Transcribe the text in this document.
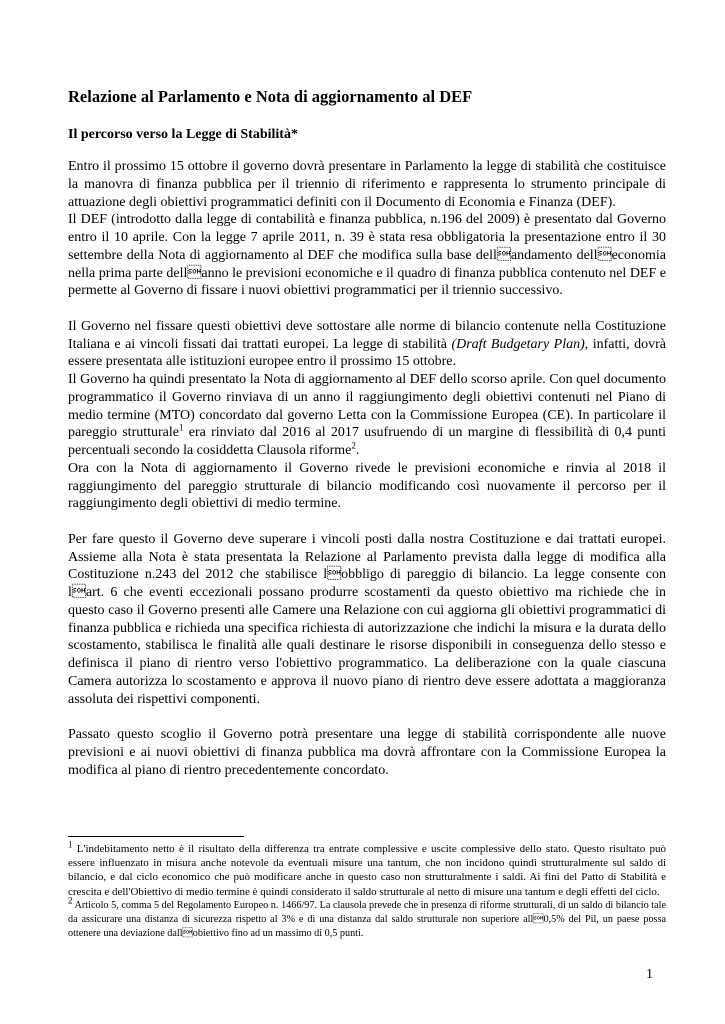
Relazione al Parlamento e Nota di aggiornamento al DEF
Il percorso verso la Legge di Stabilità*

Entro il prossimo 15 ottobre il governo dovrà presentare in Parlamento la legge di stabilità che costituisce la manovra di finanza pubblica per il triennio di riferimento e rappresenta lo strumento principale di attuazione degli obiettivi programmatici definiti con il Documento di Economia e Finanza (DEF).

Il DEF (introdotto dalla legge di contabilità e finanza pubblica, n.196 del 2009) è presentato dal Governo entro il 10 aprile. Con la legge 7 aprile 2011, n. 39 è stata resa obbligatoria la presentazione entro il 30 settembre della Nota di aggiornamento al DEF che modifica sulla base dellandamento delleconomia nella prima parte dellanno le previsioni economiche e il quadro di finanza pubblica contenuto nel DEF e permette al Governo di fissare i nuovi obiettivi programmatici per il triennio successivo.

Il Governo nel fissare questi obiettivi deve sottostare alle norme di bilancio contenute nella Costituzione Italiana e ai vincoli fissati dai trattati europei. La legge di stabilità (Draft Budgetary Plan), infatti, dovrà essere presentata alle istituzioni europee entro il prossimo 15 ottobre.

Il Governo ha quindi presentato la Nota di aggiornamento al DEF dello scorso aprile. Con quel documento programmatico il Governo rinviava di un anno il raggiungimento degli obiettivi contenuti nel Piano di medio termine (MTO) concordato dal governo Letta con la Commissione Europea (CE). In particolare il pareggio strutturale$^1$ era rinviato dal 2016 al 2017 usufruendo di un margine di flessibilità di 0,4 punti percentuali secondo la cosiddetta Clausola riforme$^2$.

Ora con la Nota di aggiornamento il Governo rivede le previsioni economiche e rinvia al 2018 il raggiungimento del pareggio strutturale di bilancio modificando così nuovamente il percorso per il raggiungimento degli obiettivi di medio termine.

Per fare questo il Governo deve superare i vincoli posti dalla nostra Costituzione e dai trattati europei. Assieme alla Nota è stata presentata la Relazione al Parlamento prevista dalla legge di modifica alla Costituzione n.243 del 2012 che stabilisce lobbligo di pareggio di bilancio. La legge consente con lart. 6 che eventi eccezionali possano produrre scostamenti da questo obiettivo ma richiede che in questo caso il Governo presenti alle Camere una Relazione con cui aggiorna gli obiettivi programmatici di finanza pubblica e richieda una specifica richiesta di autorizzazione che indichi la misura e la durata dello scostamento, stabilisca le finalità alle quali destinare le risorse disponibili in conseguenza dello stesso e definisca il piano di rientro verso l'obiettivo programmatico. La deliberazione con la quale ciascuna Camera autorizza lo scostamento e approva il nuovo piano di rientro deve essere adottata a maggioranza assoluta dei rispettivi componenti.

Passato questo scoglio il Governo potrà presentare una legge di stabilità corrispondente alle nuove previsioni e ai nuovi obiettivi di finanza pubblica ma dovrà affrontare con la Commissione Europea la modifica al piano di rientro precedentemente concordato.

$^1$ L'indebitamento netto è il risultato della differenza tra entrate complessive e uscite complessive dello stato. Questo risultato può essere influenzato in misura anche notevole da eventuali misure una tantum, che non incidono quindi strutturalmente sul saldo di bilancio, e dal ciclo economico che può modificare anche in questo caso non strutturalmente i saldi. Ai fini del Patto di Stabilità e crescita e dell'Obiettivo di medio termine è quindi considerato il saldo strutturale al netto di misure una tantum e degli effetti del ciclo.

$^2$ Articolo 5, comma 5 del Regolamento Europeo n. 1466/97. La clausola prevede che in presenza di riforme strutturali, di un saldo di bilancio tale da assicurare una distanza di sicurezza rispetto al 3% e di una distanza dal saldo strutturale non superiore all0,5% del Pil, un paese possa ottenere una deviazione dallobiettivo fino ad un massimo di 0,5 punti.

1
